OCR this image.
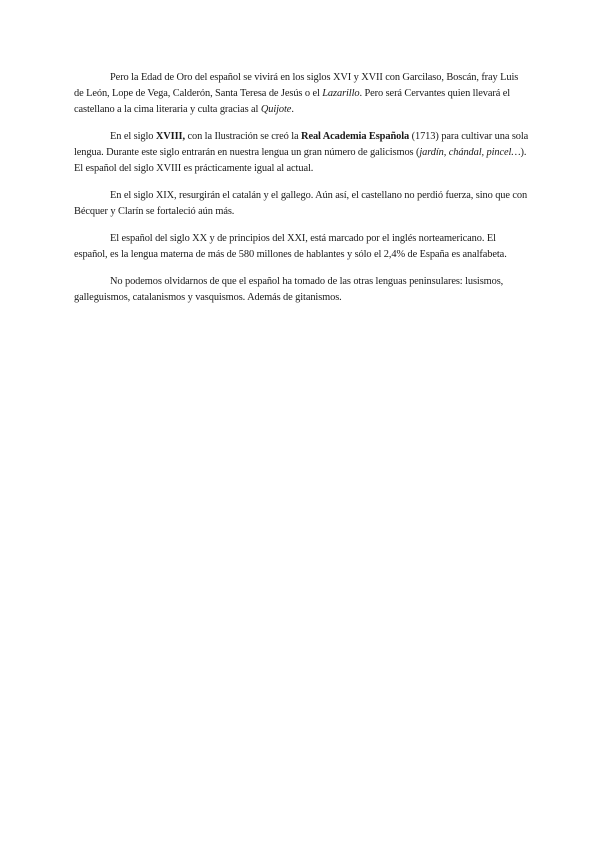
Pero la Edad de Oro del español se vivirá en los siglos XVI y XVII con Garcilaso, Boscán, fray Luis de León, Lope de Vega, Calderón, Santa Teresa de Jesús o el Lazarillo. Pero será Cervantes quien llevará el castellano a la cima literaria y culta gracias al Quijote.

En el siglo XVIII, con la Ilustración se creó la Real Academia Española (1713) para cultivar una sola lengua. Durante este siglo entrarán en nuestra lengua un gran número de galicismos (jardín, chándal, pincel…). El español del siglo XVIII es prácticamente igual al actual.

En el siglo XIX, resurgirán el catalán y el gallego. Aún así, el castellano no perdió fuerza, sino que con Bécquer y Clarín se fortaleció aún más.

El español del siglo XX y de principios del XXI, está marcado por el inglés norteamericano. El español, es la lengua materna de más de 580 millones de hablantes y sólo el 2,4% de España es analfabeta.

No podemos olvidarnos de que el español ha tomado de las otras lenguas peninsulares: lusismos, galleguismos, catalanismos y vasquismos. Además de gitanismos.
